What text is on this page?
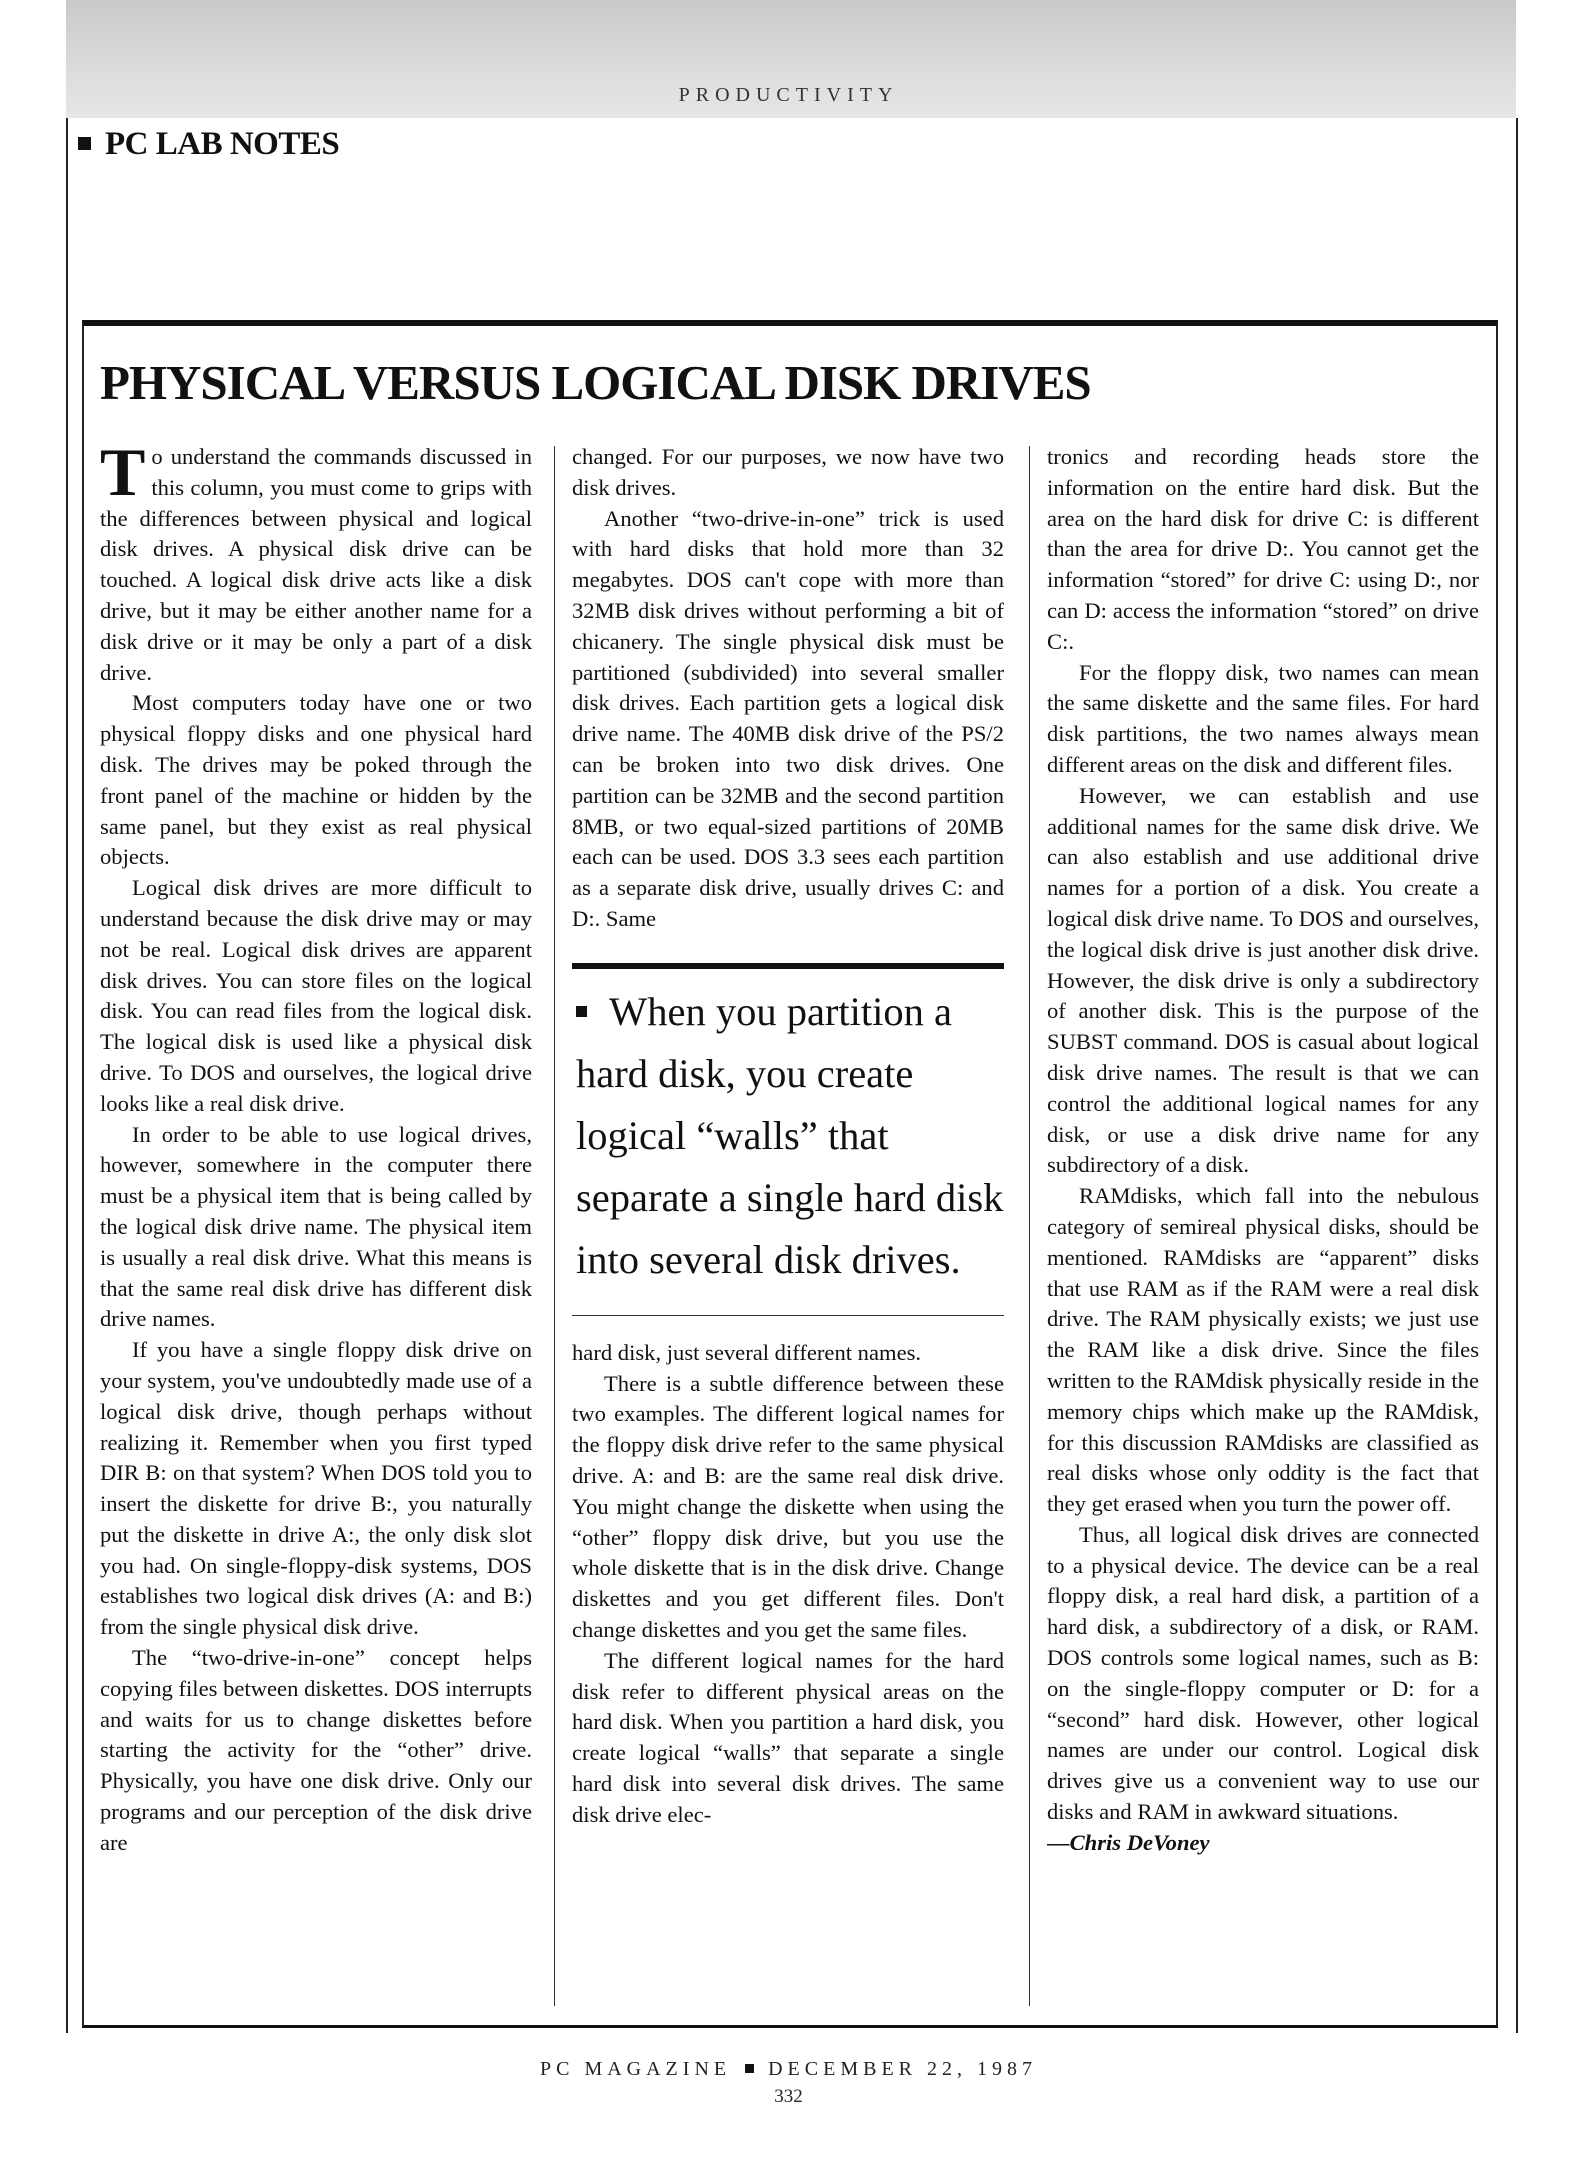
PRODUCTIVITY
PC LAB NOTES
PHYSICAL VERSUS LOGICAL DISK DRIVES

To understand the commands discussed in this column, you must come to grips with the differences between physical and logical disk drives. A physical disk drive can be touched. A logical disk drive acts like a disk drive, but it may be either another name for a disk drive or it may be only a part of a disk drive.

Most computers today have one or two physical floppy disks and one physical hard disk. The drives may be poked through the front panel of the machine or hidden by the same panel, but they exist as real physical objects.

Logical disk drives are more difficult to understand because the disk drive may or may not be real. Logical disk drives are apparent disk drives. You can store files on the logical disk. You can read files from the logical disk. The logical disk is used like a physical disk drive. To DOS and ourselves, the logical drive looks like a real disk drive.

In order to be able to use logical drives, however, somewhere in the computer there must be a physical item that is being called by the logical disk drive name. The physical item is usually a real disk drive. What this means is that the same real disk drive has different disk drive names.

If you have a single floppy disk drive on your system, you've undoubtedly made use of a logical disk drive, though perhaps without realizing it. Remember when you first typed DIR B: on that system? When DOS told you to insert the diskette for drive B:, you naturally put the diskette in drive A:, the only disk slot you had. On single-floppy-disk systems, DOS establishes two logical disk drives (A: and B:) from the single physical disk drive.

The “two-drive-in-one” concept helps copying files between diskettes. DOS interrupts and waits for us to change diskettes before starting the activity for the “other” drive. Physically, you have one disk drive. Only our programs and our perception of the disk drive are

changed. For our purposes, we now have two disk drives.

Another “two-drive-in-one” trick is used with hard disks that hold more than 32 megabytes. DOS can't cope with more than 32MB disk drives without performing a bit of chicanery. The single physical disk must be partitioned (subdivided) into several smaller disk drives. Each partition gets a logical disk drive name. The 40MB disk drive of the PS/2 can be broken into two disk drives. One partition can be 32MB and the second partition 8MB, or two equal-sized partitions of 20MB each can be used. DOS 3.3 sees each partition as a separate disk drive, usually drives C: and D:. Same

When you partition a hard disk, you create logical “walls” that separate a single hard disk into several disk drives.

hard disk, just several different names.

There is a subtle difference between these two examples. The different logical names for the floppy disk drive refer to the same physical drive. A: and B: are the same real disk drive. You might change the diskette when using the “other” floppy disk drive, but you use the whole diskette that is in the disk drive. Change diskettes and you get different files. Don't change diskettes and you get the same files.

The different logical names for the hard disk refer to different physical areas on the hard disk. When you partition a hard disk, you create logical “walls” that separate a single hard disk into several disk drives. The same disk drive elec-

tronics and recording heads store the information on the entire hard disk. But the area on the hard disk for drive C: is different than the area for drive D:. You cannot get the information “stored” for drive C: using D:, nor can D: access the information “stored” on drive C:.

For the floppy disk, two names can mean the same diskette and the same files. For hard disk partitions, the two names always mean different areas on the disk and different files.

However, we can establish and use additional names for the same disk drive. We can also establish and use additional drive names for a portion of a disk. You create a logical disk drive name. To DOS and ourselves, the logical disk drive is just another disk drive. However, the disk drive is only a subdirectory of another disk. This is the purpose of the SUBST command. DOS is casual about logical disk drive names. The result is that we can control the additional logical names for any disk, or use a disk drive name for any subdirectory of a disk.

RAMdisks, which fall into the nebulous category of semireal physical disks, should be mentioned. RAMdisks are “apparent” disks that use RAM as if the RAM were a real disk drive. The RAM physically exists; we just use the RAM like a disk drive. Since the files written to the RAMdisk physically reside in the memory chips which make up the RAMdisk, for this discussion RAMdisks are classified as real disks whose only oddity is the fact that they get erased when you turn the power off.

Thus, all logical disk drives are connected to a physical device. The device can be a real floppy disk, a real hard disk, a partition of a hard disk, a subdirectory of a disk, or RAM. DOS controls some logical names, such as B: on the single-floppy computer or D: for a “second” hard disk. However, other logical names are under our control. Logical disk drives give us a convenient way to use our disks and RAM in awkward situations.

—Chris DeVoney

PC MAGAZINE DECEMBER 22, 1987
332
